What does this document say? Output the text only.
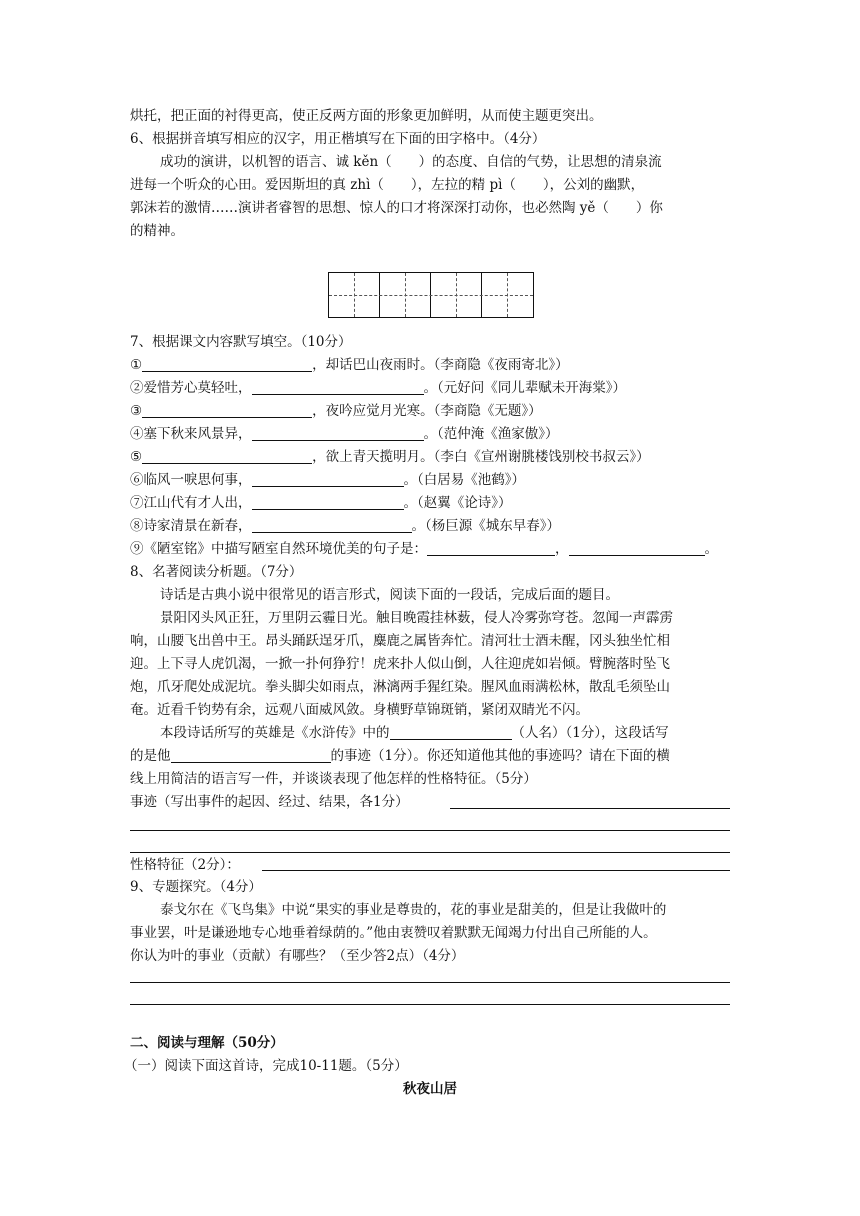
烘托，把正面的衬得更高，使正反两方面的形象更加鲜明，从而使主题更突出。
6、根据拼音填写相应的汉字，用正楷填写在下面的田字格中。（4分）
成功的演讲，以机智的语言、诚 kěn（　　）的态度、自信的气势，让思想的清泉流
进每一个听众的心田。爱因斯坦的真 zhì（　　），左拉的精 pì（　　），公刘的幽默，
郭沫若的激情……演讲者睿智的思想、惊人的口才将深深打动你，也必然陶 yě（　　）你
的精神。
7、根据课文内容默写填空。（10分）
①	，却话巴山夜雨时。（李商隐《夜雨寄北》）
②爱惜芳心莫轻吐，	。（元好问《同儿辈赋未开海棠》）
③	，夜吟应觉月光寒。（李商隐《无题》）
④塞下秋来风景异，	。（范仲淹《渔家傲》）
⑤	，欲上青天揽明月。（李白《宣州谢朓楼饯别校书叔云》）
⑥临风一唳思何事，	。（白居易《池鹤》）
⑦江山代有才人出，	。（赵翼《论诗》）
⑧诗家清景在新春，	。（杨巨源《城东早春》）
⑨《陋室铭》中描写陋室自然环境优美的句子是：	，	。
8、名著阅读分析题。（7分）
诗话是古典小说中很常见的语言形式，阅读下面的一段话，完成后面的题目。
景阳冈头风正狂，万里阴云霾日光。触目晚霞挂林薮，侵人冷雾弥穹苍。忽闻一声霹雳
响，山腰飞出兽中王。昂头踊跃逞牙爪，麋鹿之属皆奔忙。清河壮士酒未醒，冈头独坐忙相
迎。上下寻人虎饥渴，一掀一扑何狰狞！虎来扑人似山倒，人往迎虎如岩倾。臂腕落时坠飞
炮，爪牙爬处成泥坑。拳头脚尖如雨点，淋漓两手猩红染。腥风血雨满松林，散乱毛须坠山
奄。近看千钧势有余，远观八面威风敛。身横野草锦斑销，紧闭双睛光不闪。
本段诗话所写的英雄是《水浒传》中的	（人名）（1分），这段话写
的是他	的事迹（1分）。你还知道他其他的事迹吗？请在下面的横
线上用简洁的语言写一件，并谈谈表现了他怎样的性格特征。（5分）
事迹（写出事件的起因、经过、结果，各1分）
性格特征（2分）：
9、专题探究。（4分）
泰戈尔在《飞鸟集》中说“果实的事业是尊贵的，花的事业是甜美的，但是让我做叶的
事业罢，叶是谦逊地专心地垂着绿荫的。”他由衷赞叹着默默无闻竭力付出自己所能的人。
你认为叶的事业（贡献）有哪些？（至少答2点）（4分）
二、阅读与理解（50分）
（一）阅读下面这首诗，完成10-11题。（5分）
秋夜山居
